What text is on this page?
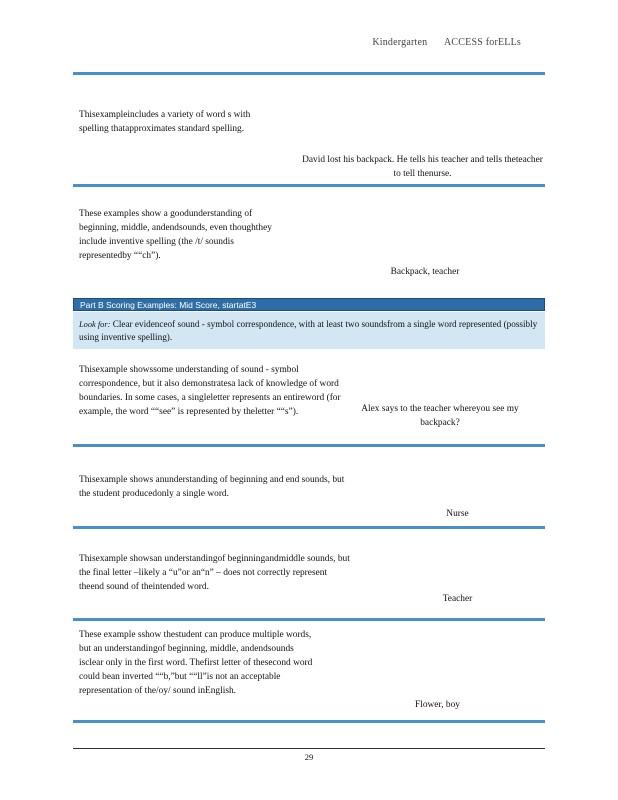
Kindergarten ACCESS forELLs
Thisexampleincludes a variety of word s with spelling thatapproximates standard spelling.
David lost his backpack. He tells his teacher and tells theteacher to tell thenurse.
These examples show a goodunderstanding of beginning, middle, andendsounds, even thoughthey include inventive spelling (the /t/ soundis representedby ““ch”).
Backpack, teacher
Part B Scoring Examples: Mid Score, startatE3
Look for: Clear evidenceof sound - symbol correspondence, with at least two soundsfrom a single word represented (possibly using inventive spelling).
Thisexample showssome understanding of sound - symbol correspondence, but it also demonstratesa lack of knowledge of word boundaries. In some cases, a singleletter represents an entireword (for example, the word ““see” is represented by theletter ““s”).	Alex says to the teacher whereyou see my backpack?
Thisexample shows anunderstanding of beginning and end sounds, but the student producedonly a single word.
Nurse
Thisexample showsan understandingof beginningandmiddle sounds, but the final letter –likely a “u”or an“n” – does not correctly represent theend sound of theintended word.
Teacher
These example sshow thestudent can produce multiple words, but an understandingof beginning, middle, andendsounds isclear only in the first word. Thefirst letter of thesecond word could bean inverted ““b,”but ““ll”is not an acceptable representation of the/oy/ sound inEnglish.
Flower, boy
29
